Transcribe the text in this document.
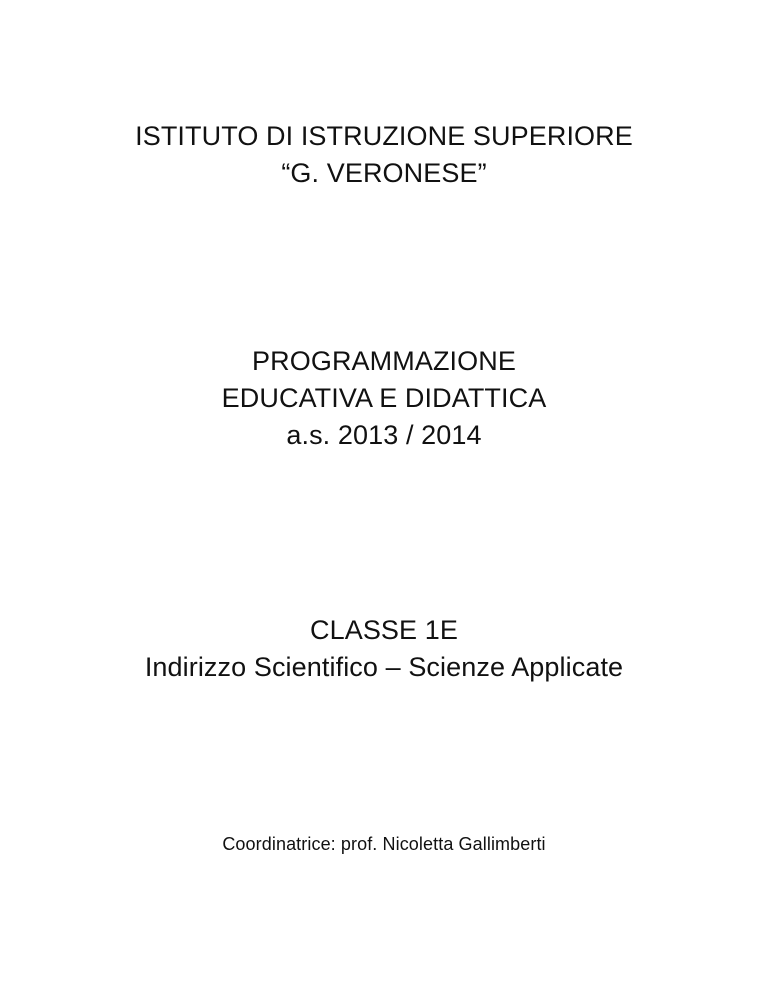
ISTITUTO DI ISTRUZIONE SUPERIORE
“G. VERONESE”
PROGRAMMAZIONE
EDUCATIVA E DIDATTICA
a.s. 2013 / 2014
CLASSE 1E
Indirizzo Scientifico – Scienze Applicate
Coordinatrice: prof. Nicoletta Gallimberti
